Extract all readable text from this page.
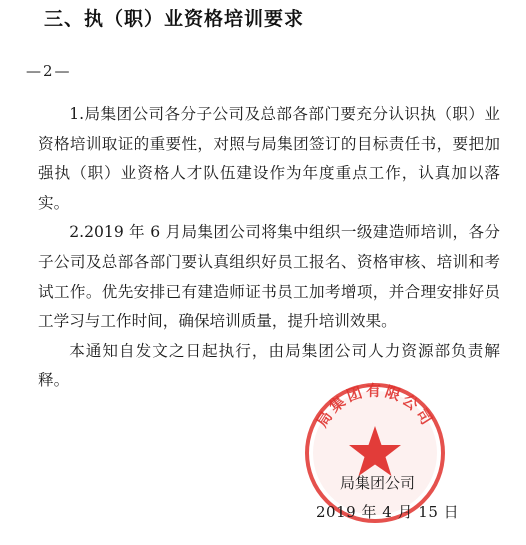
三、执（职）业资格培训要求
—2—

1.局集团公司各分子公司及总部各部门要充分认识执（职）业资格培训取证的重要性，对照与局集团签订的目标责任书，要把加强执（职）业资格人才队伍建设作为年度重点工作，认真加以落实。

2.2019 年 6 月局集团公司将集中组织一级建造师培训，各分子公司及总部各部门要认真组织好员工报名、资格审核、培训和考试工作。优先安排已有建造师证书员工加考增项，并合理安排好员工学习与工作时间，确保培训质量，提升培训效果。

本通知自发文之日起执行，由局集团公司人力资源部负责解释。

局集团有限公司
局集团公司
2019 年 4 月 15 日
